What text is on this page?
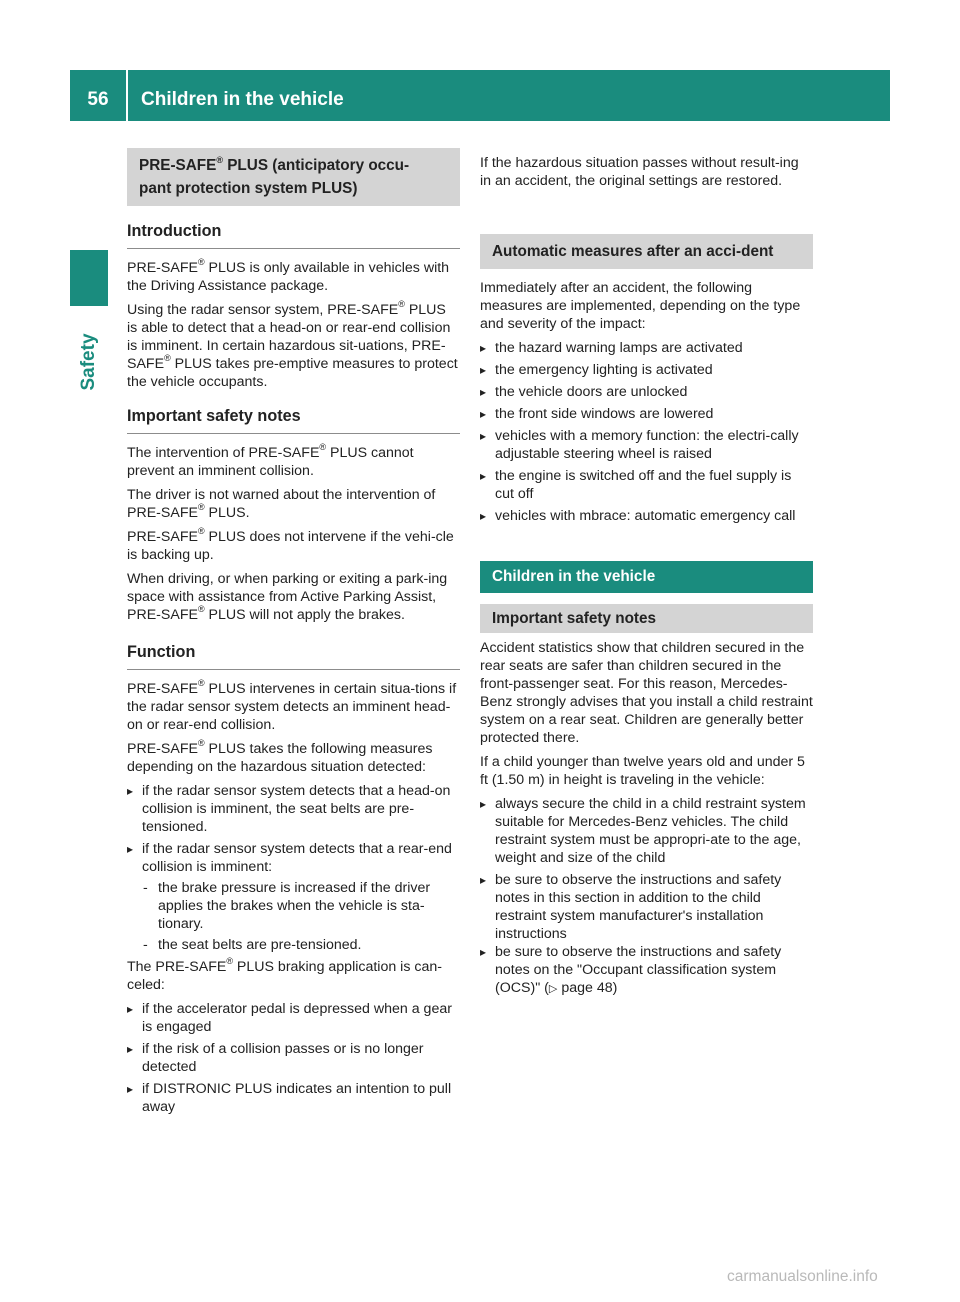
56	Children in the vehicle
Safety
PRE-SAFE® PLUS (anticipatory occu-
pant protection system PLUS)
Introduction

PRE-SAFE® PLUS is only available in vehicles with the Driving Assistance package.

Using the radar sensor system, PRE-SAFE® PLUS is able to detect that a head-on or rear-end collision is imminent. In certain hazardous sit-uations, PRE-SAFE® PLUS takes pre-emptive measures to protect the vehicle occupants.

Important safety notes

The intervention of PRE-SAFE® PLUS cannot prevent an imminent collision.

The driver is not warned about the intervention of PRE-SAFE® PLUS.

PRE-SAFE® PLUS does not intervene if the vehi-cle is backing up.

When driving, or when parking or exiting a park-ing space with assistance from Active Parking Assist, PRE-SAFE® PLUS will not apply the brakes.

Function

PRE-SAFE® PLUS intervenes in certain situa-tions if the radar sensor system detects an imminent head-on or rear-end collision.

PRE-SAFE® PLUS takes the following measures depending on the hazardous situation detected:

▸ if the radar sensor system detects that a head-on collision is imminent, the seat belts are pre-tensioned.
▸ if the radar sensor system detects that a rear-end collision is imminent:
- the brake pressure is increased if the driver applies the brakes when the vehicle is sta-tionary.
- the seat belts are pre-tensioned.

The PRE-SAFE® PLUS braking application is can-celed:

▸ if the accelerator pedal is depressed when a gear is engaged
▸ if the risk of a collision passes or is no longer detected
▸ if DISTRONIC PLUS indicates an intention to pull away

If the hazardous situation passes without result-ing in an accident, the original settings are restored.

Automatic measures after an acci-dent

Immediately after an accident, the following measures are implemented, depending on the type and severity of the impact:

▸ the hazard warning lamps are activated
▸ the emergency lighting is activated
▸ the vehicle doors are unlocked
▸ the front side windows are lowered
▸ vehicles with a memory function: the electri-cally adjustable steering wheel is raised
▸ the engine is switched off and the fuel supply is cut off
▸ vehicles with mbrace: automatic emergency call
Children in the vehicle
Important safety notes

Accident statistics show that children secured in the rear seats are safer than children secured in the front-passenger seat. For this reason, Mercedes-Benz strongly advises that you install a child restraint system on a rear seat. Children are generally better protected there.

If a child younger than twelve years old and under 5 ft (1.50 m) in height is traveling in the vehicle:

▸ always secure the child in a child restraint system suitable for Mercedes-Benz vehicles. The child restraint system must be appropri-ate to the age, weight and size of the child
▸ be sure to observe the instructions and safety notes in this section in addition to the child restraint system manufacturer's installation instructions
▸ be sure to observe the instructions and safety notes on the "Occupant classification system (OCS)" (▷ page 48)
carmanualsonline.info
